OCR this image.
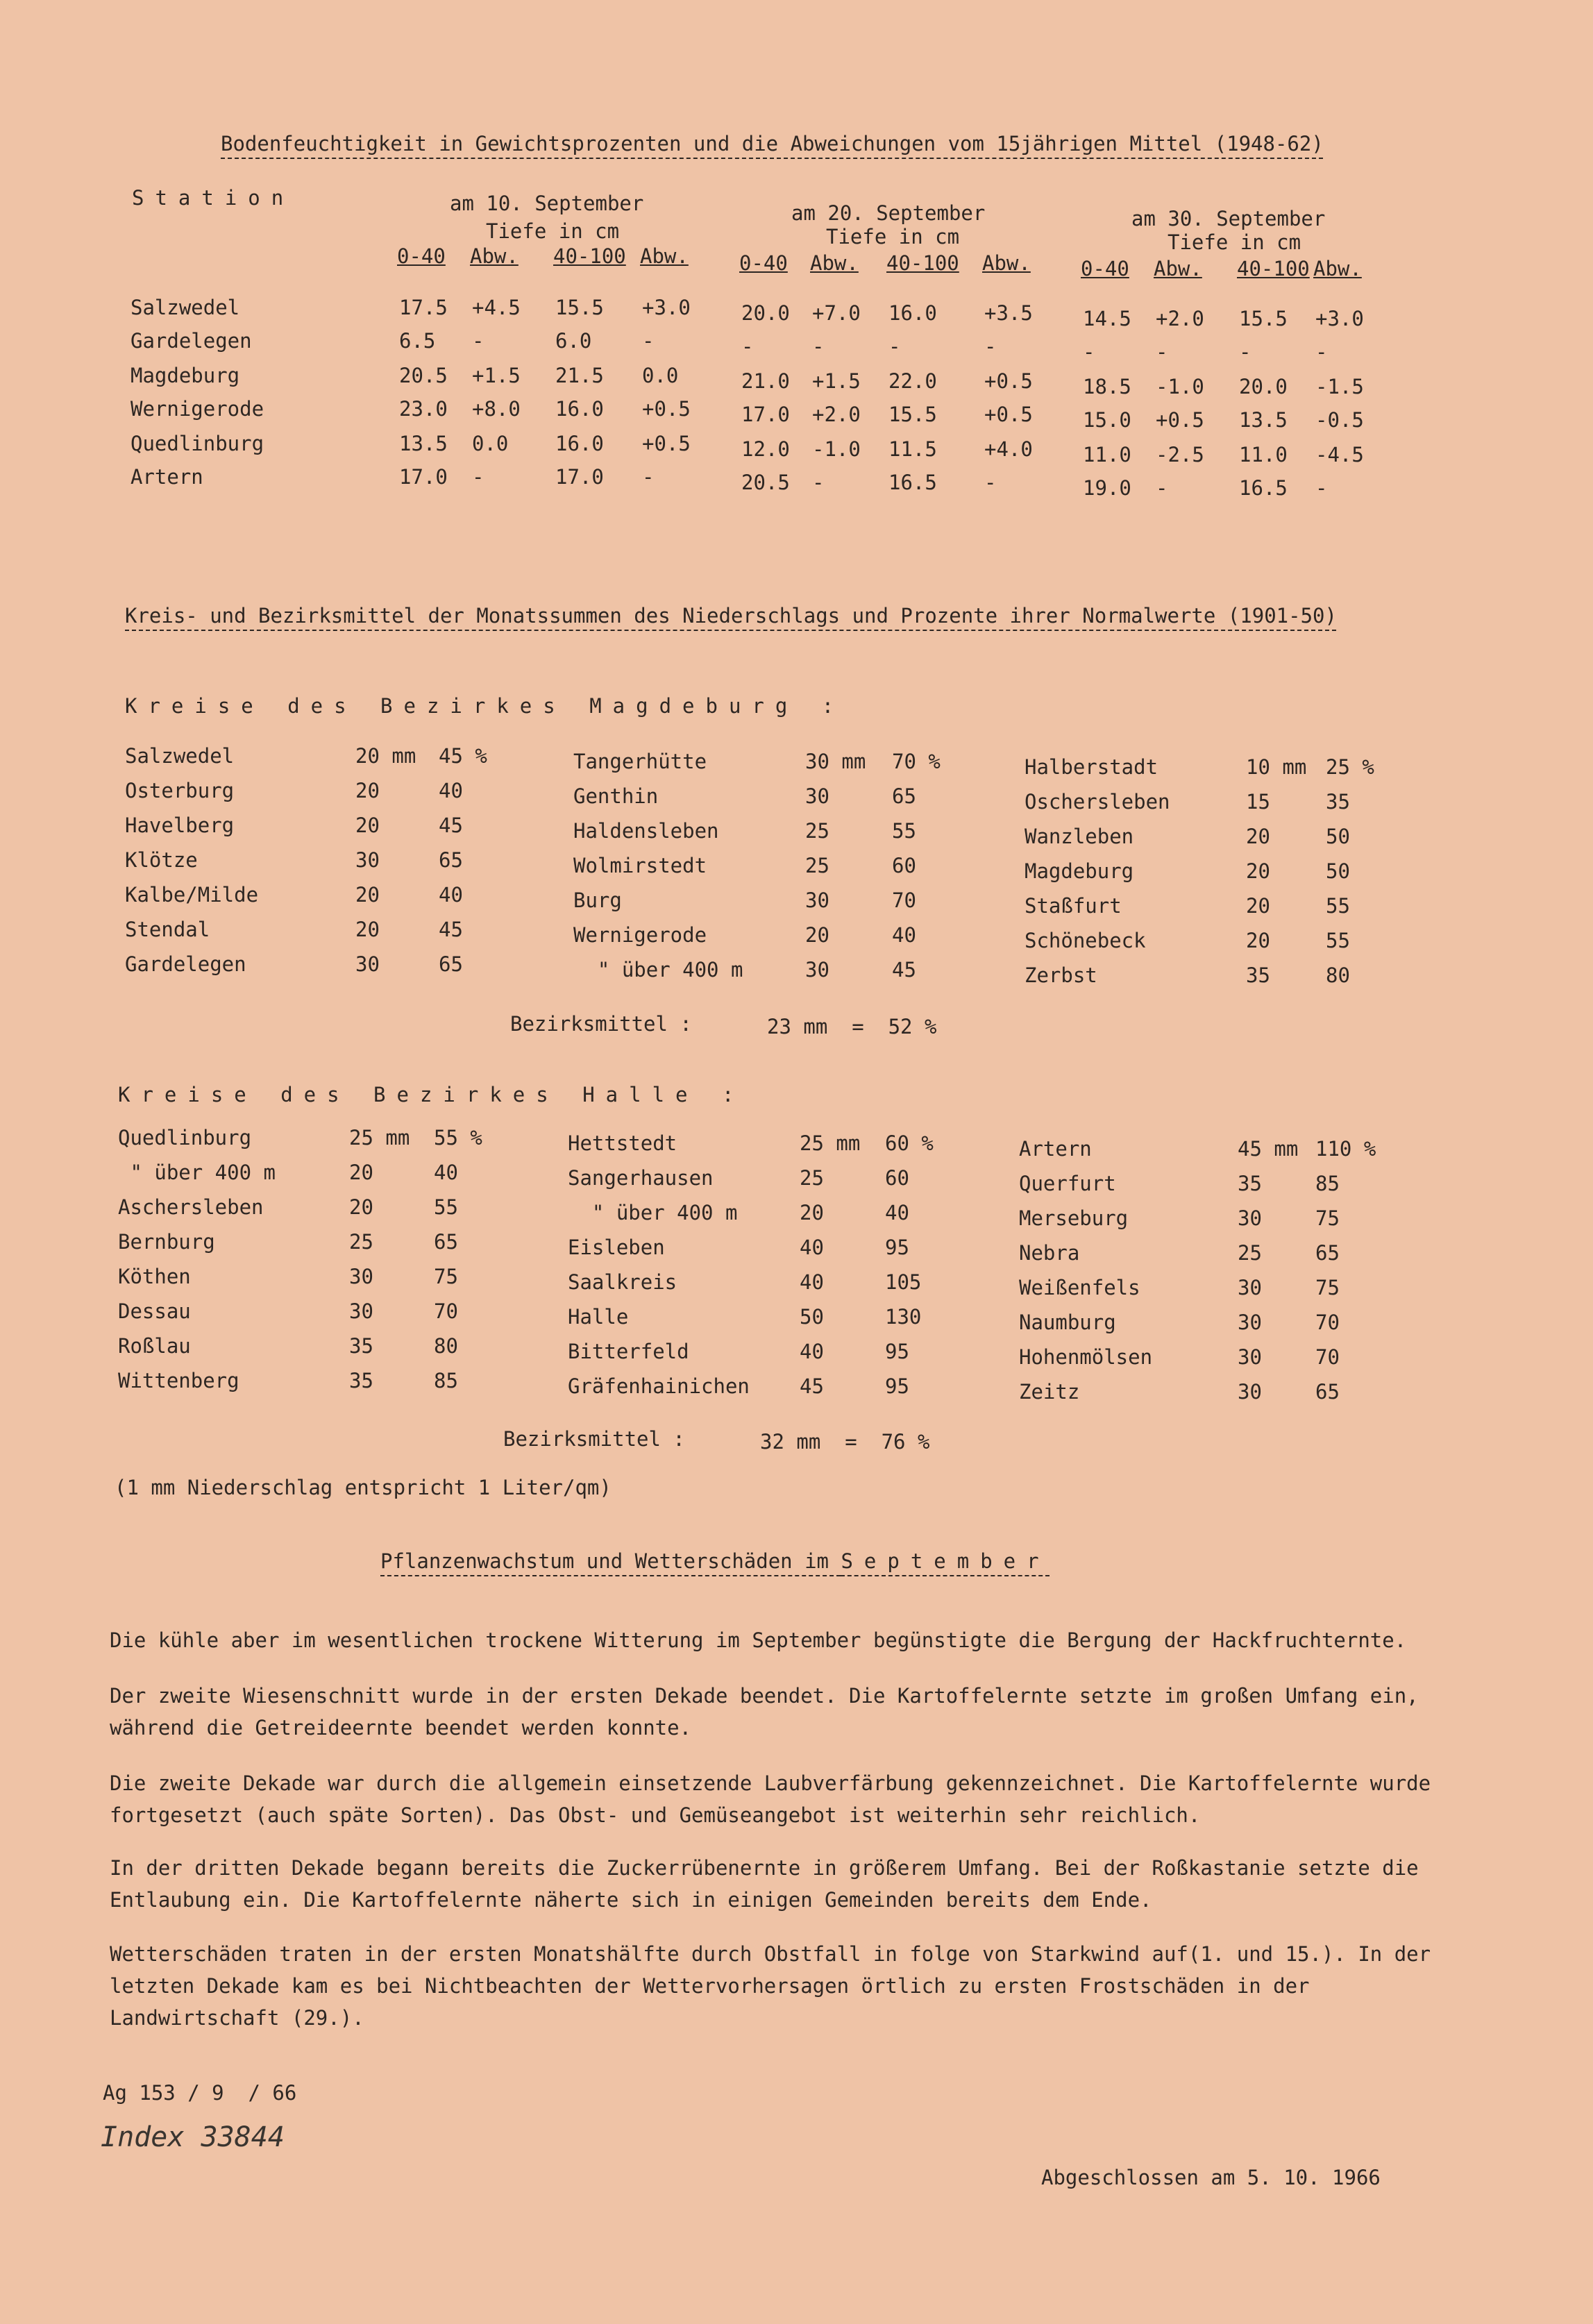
Bodenfeuchtigkeit in Gewichtsprozenten und die Abweichungen vom 15jährigen Mittel (1948-62)
Station	am 10. September	am 20. September	am 30. September
Tiefe in cm	Tiefe in cm	Tiefe in cm
0-40 Abw. 40-100 Abw.	0-40 Abw. 40-100 Abw. 0-40 Abw. 40-100 Abw.
Salzwedel	17.5 +4.5 15.5 +3.0	20.0 +7.0 16.0 +3.5 14.5 +2.0 15.5 +3.0
Gardelegen	6.5 -	6.0	-	-	-	-	-	-	-	-	-
Magdeburg	20.5 +1.5 21.5 0.0	21.0 +1.5 22.0 +0.5 18.5 -1.0 20.0 -1.5
Wernigerode	23.0 +8.0 16.0 +0.5	17.0 +2.0 15.5 +0.5 15.0 +0.5 13.5 -0.5
Quedlinburg	13.5 0.0 16.0 +0.5	12.0 -1.0 11.5 +4.0 11.0 -2.5 11.0 -4.5
Artern	17.0 -	17.0 -	20.5 -	16.5 -	19.0 -	16.5 -
Kreis- und Bezirksmittel der Monatssummen des Niederschlags und Prozente ihrer Normalwerte (1901-50)
Kreise des Bezirkes Magdeburg :
Salzwedel	20 mm 45 %
Osterburg	20	40
Havelberg	20	45
Klötze	30	65
Kalbe/Milde	20	40
Stendal	20	45
Gardelegen	30	65
Tangerhütte	30 mm 70 %
Genthin	30	65
Haldensleben	25	55
Wolmirstedt	25	60
Burg	30	70
Wernigerode	20	40
" über 400 m	30	45
Halberstadt	10 mm 25 %
Oschersleben	15	35
Wanzleben	20	50
Magdeburg	20	50
Staßfurt	20	55
Schönebeck	20	55
Zerbst	35	80
Bezirksmittel :	23 mm  =  52 %
Kreise des Bezirkes Halle :
Quedlinburg	25 mm 55 %
" über 400 m	20	40
Aschersleben	20	55
Bernburg	25	65
Köthen	30	75
Dessau	30	70
Roßlau	35	80
Wittenberg	35	85
Hettstedt	25 mm 60 %
Sangerhausen	25	60
" über 400 m	20	40
Eisleben	40	95
Saalkreis	40	105
Halle	50	130
Bitterfeld	40	95
Gräfenhainichen 45	95
Artern	45 mm 110 %
Querfurt	35	85
Merseburg	30	75
Nebra	25	65
Weißenfels	30	75
Naumburg	30	70
Hohenmölsen	30	70
Zeitz	30	65
Bezirksmittel :	32 mm  =  76 %
(1 mm Niederschlag entspricht 1 Liter/qm)
Pflanzenwachstum und Wetterschäden im September
Die kühle aber im wesentlichen trockene Witterung im September begünstigte die Bergung der Hackfruchternte.
Der zweite Wiesenschnitt wurde in der ersten Dekade beendet. Die Kartoffelernte setzte im großen Umfang ein, während die Getreideernte beendet werden konnte.
Die zweite Dekade war durch die allgemein einsetzende Laubverfärbung gekennzeichnet. Die Kartoffelernte wurde fortgesetzt (auch späte Sorten). Das Obst- und Gemüseangebot ist weiterhin sehr reichlich.
In der dritten Dekade begann bereits die Zuckerrübenernte in größerem Umfang. Bei der Roßkastanie setzte die Entlaubung ein. Die Kartoffelernte näherte sich in einigen Gemeinden bereits dem Ende.
Wetterschäden traten in der ersten Monatshälfte durch Obstfall in folge von Starkwind auf(1. und 15.). In der letzten Dekade kam es bei Nichtbeachten der Wettervorhersagen örtlich zu ersten Frostschäden in der Landwirtschaft (29.).
Ag 153 / 9  / 66
Index 33844
Abgeschlossen am 5. 10. 1966
